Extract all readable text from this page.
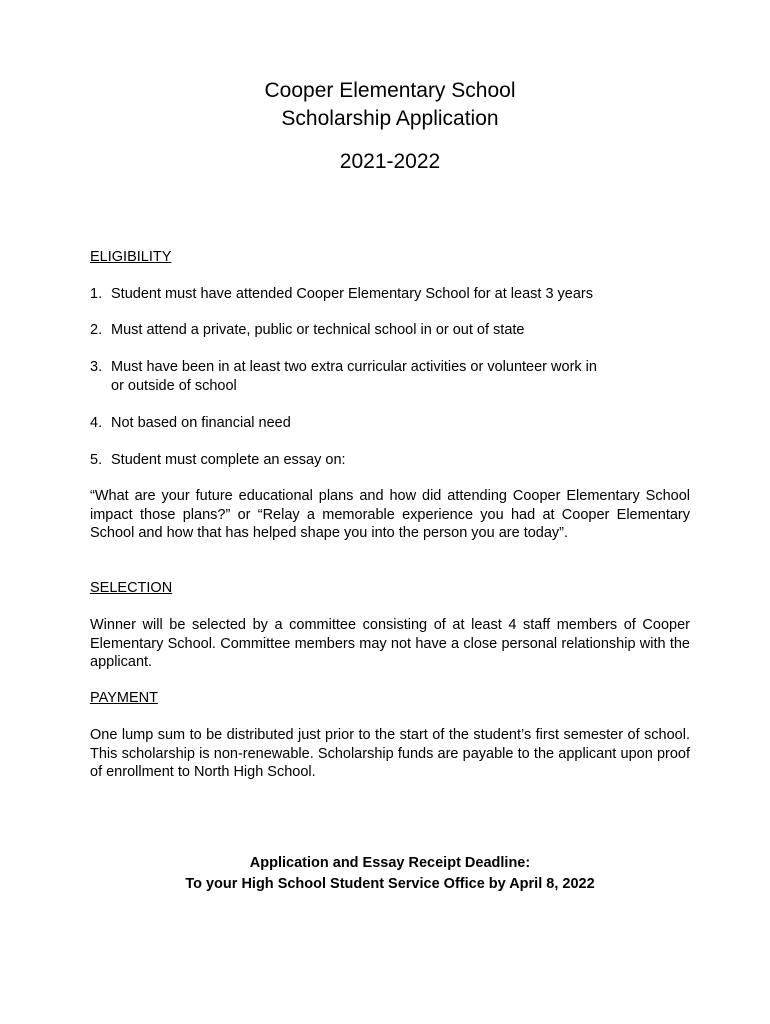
Cooper Elementary School
Scholarship Application
2021-2022
ELIGIBILITY
1. Student must have attended Cooper Elementary School for at least 3 years
2. Must attend a private, public or technical school in or out of state
3. Must have been in at least two extra curricular activities or volunteer work in
or outside of school
4. Not based on financial need
5. Student must complete an essay on:
“What are your future educational plans and how did attending Cooper Elementary School impact those plans?” or “Relay a memorable experience you had at Cooper Elementary School and how that has helped shape you into the person you are today”.
SELECTION
Winner will be selected by a committee consisting of at least 4 staff members of Cooper Elementary School. Committee members may not have a close personal relationship with the applicant.
PAYMENT
One lump sum to be distributed just prior to the start of the student’s first semester of school. This scholarship is non-renewable. Scholarship funds are payable to the applicant upon proof of enrollment to North High School.
Application and Essay Receipt Deadline:
To your High School Student Service Office by April 8, 2022
